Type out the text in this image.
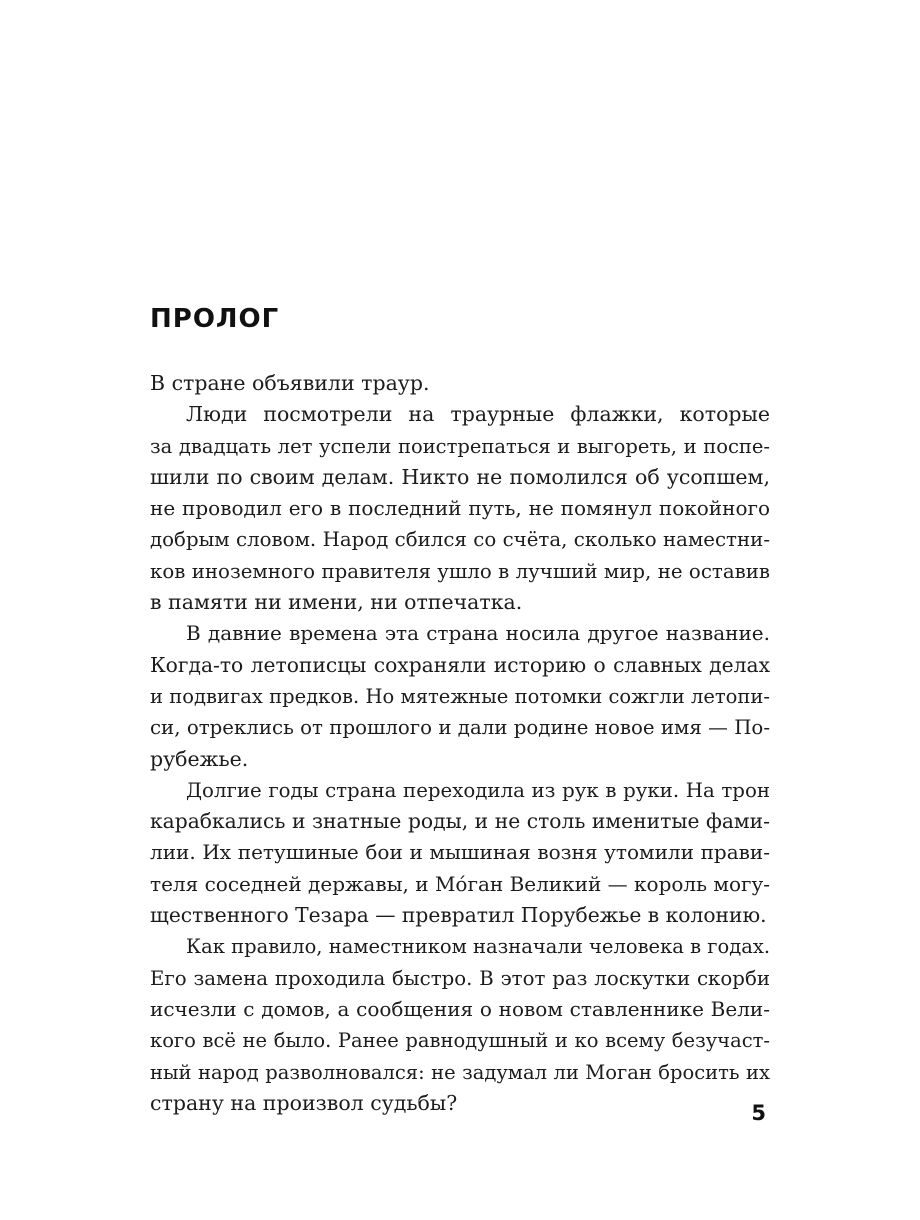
ПРОЛОГ
В стране объявили траур.
Люди посмотрели на траурные флажки, которые
за двадцать лет успели поистрепаться и выгореть, и поспе-
шили по своим делам. Никто не помолился об усопшем,
не проводил его в последний путь, не помянул покойного
добрым словом. Народ сбился со счёта, сколько наместни-
ков иноземного правителя ушло в лучший мир, не оставив
в памяти ни имени, ни отпечатка.
В давние времена эта страна носила другое название.
Когда-то летописцы сохраняли историю о славных делах
и подвигах предков. Но мятежные потомки сожгли летопи-
си, отреклись от прошлого и дали родине новое имя — По-
рубежье.
Долгие годы страна переходила из рук в руки. На трон
карабкались и знатные роды, и не столь именитые фами-
лии. Их петушиные бои и мышиная возня утомили прави-
теля соседней державы, и Мо́ган Великий — король могу-
щественного Тезара — превратил Порубежье в колонию.
Как правило, наместником назначали человека в годах.
Его замена проходила быстро. В этот раз лоскутки скорби
исчезли с домов, а сообщения о новом ставленнике Вели-
кого всё не было. Ранее равнодушный и ко всему безучаст-
ный народ разволновался: не задумал ли Моган бросить их
страну на произвол судьбы?	5
